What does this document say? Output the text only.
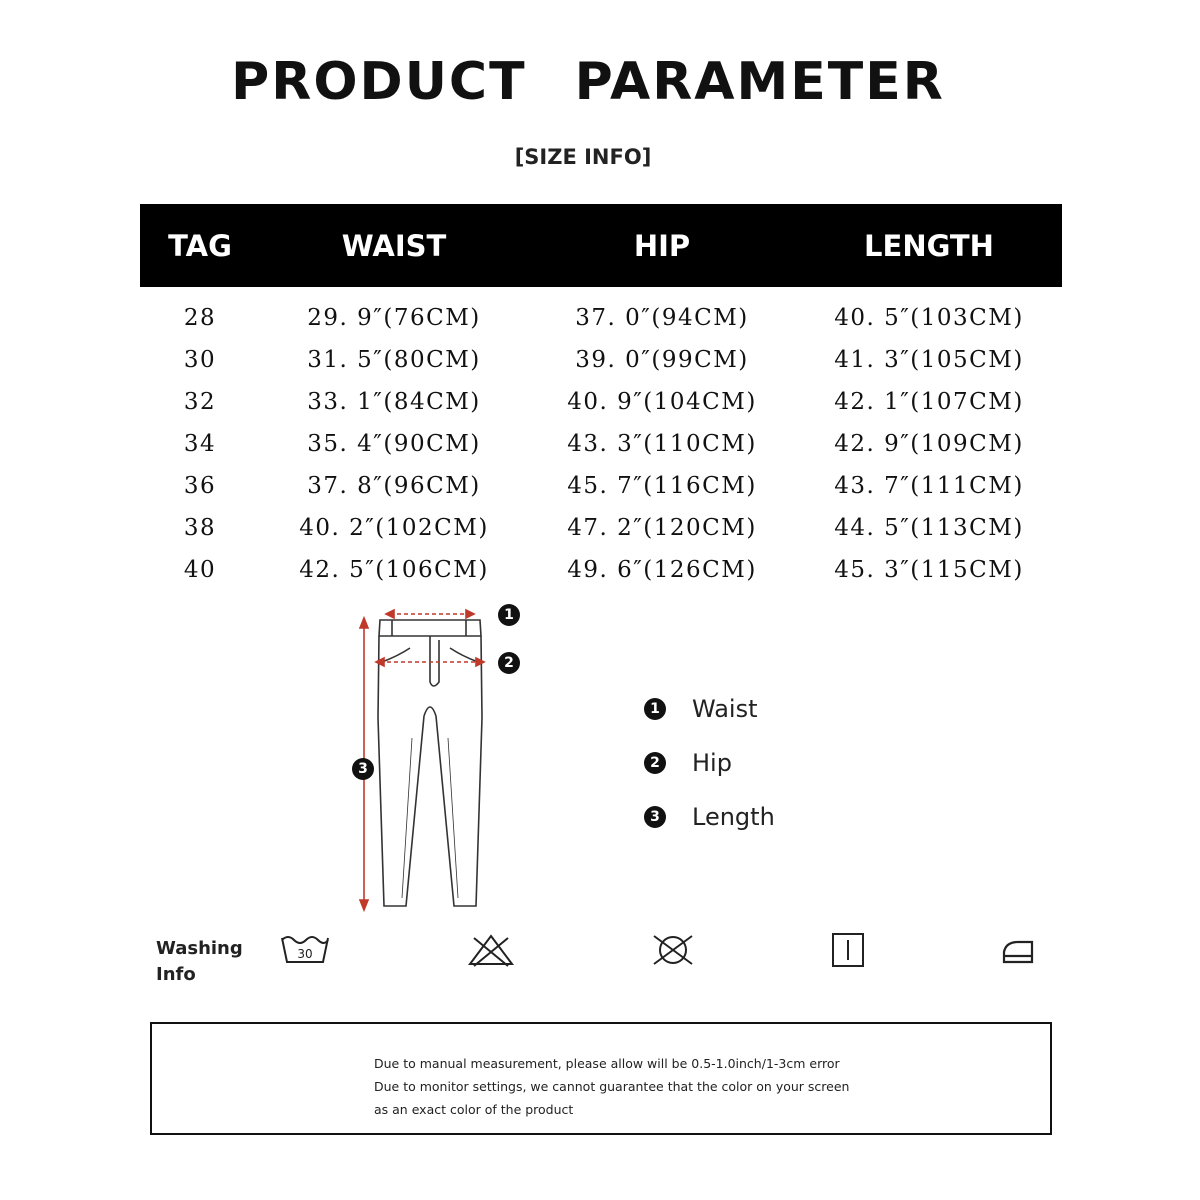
PRODUCT PARAMETER
[SIZE INFO]
TAG	WAIST	HIP	LENGTH
28	29. 9″(76CM)	37. 0″(94CM)	40. 5″(103CM)
30	31. 5″(80CM)	39. 0″(99CM)	41. 3″(105CM)
32	33. 1″(84CM)	40. 9″(104CM)	42. 1″(107CM)
34	35. 4″(90CM)	43. 3″(110CM)	42. 9″(109CM)
36	37. 8″(96CM)	45. 7″(116CM)	43. 7″(111CM)
38	40. 2″(102CM)	47. 2″(120CM)	44. 5″(113CM)
40	42. 5″(106CM)	49. 6″(126CM)	45. 3″(115CM)
1
2
3
1 Waist
2 Hip
3 Length
Washing Info
30
Due to manual measurement, please allow will be 0.5-1.0inch/1-3cm error
Due to monitor settings, we cannot guarantee that the color on your screen
as an exact color of the product
